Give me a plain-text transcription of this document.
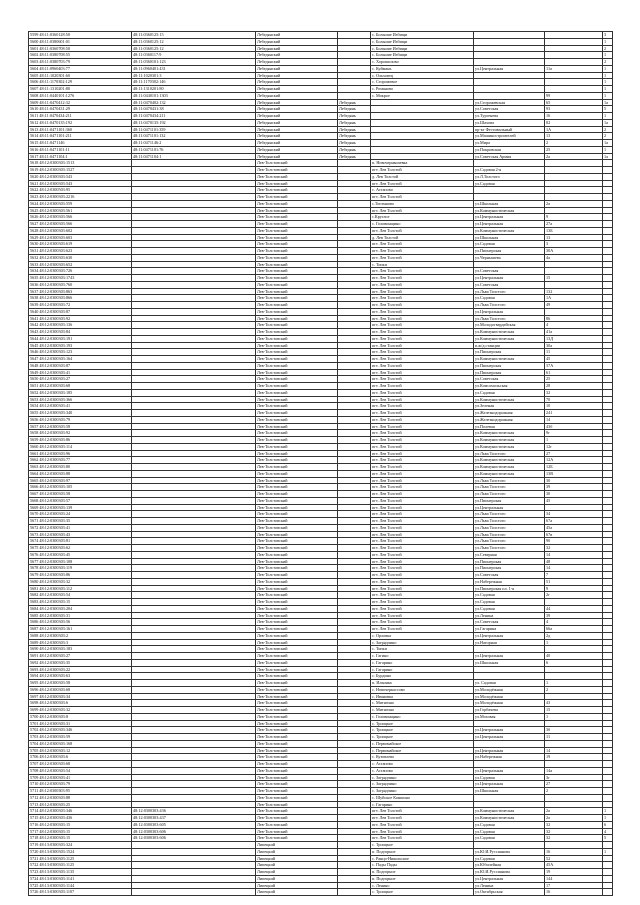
5599 48:11:0360128:50	48:11:0360125:15	Лебедянский		с. Большие Избищи			3
5600 48:11:0380601:01	48:11:0360125:12	Лебедянский		с. Большие Избищи			1
5601 48:11:0360708:50	48:11:0360125:12	Лебедянский		с. Большие Избищи			2
5602 48:11:0380708:55	48:11:0360117:9	Лебедянский		с. Большие Избищи			1
5603 48:11:0380703:79	48:11:0360101:123	Лебедянский		с. Хорошилово			2
5604 48:11:0960403:77	48:11:0960401:431	Лебедянский		с. Куймань	ул.Центральная	11а	1
5605 48:11:1020301:60	48:11:1020301:3	Лебедянский		с. Ольховец			1
5606 48:11:1170302:129	48:11:1170302:146	Лебедянский		с. Сторожевое			1
5607 48:11:1310201:80	48:11:1310201:80	Лебедянский		с. Романово			1
5608 48:11:0440101:1276	48:11:0440101:1303	Лебедянский		с. Мокрое		99	1
5609 48:11:0470412:32	48:11:0470402:132	Лебедянский	Лебедянь		ул.Сторожевская	65	1а
5610 48:11:0470431:29	48:11:0470431:38	Лебедянский	Лебедянь		ул.Советская	93	5
5611 48:11:0470434:211	48:11:0470434:211	Лебедянский	Лебедянь		ул.Тургенева	16	1
5612 48:11:0470135:192	48:11:0470135:192	Лебедянский	Лебедянь		ул.Шахова	82	1а
5613 48:11:0471101:360	48:11:0471101:359	Лебедянский	Лебедянь		пр-кт Фестивальный	1А	2
5614 48:11:0471101:211	48:11:0471101:132	Лебедянский	Лебедянь		ул.Машиностроителей	13	2
5615 48:11:0471146	48:11:0471146:2	Лебедянский	Лебедянь		ул.Мира	2	1а
5616 48:11:0471101:11	48:11:0471101:76	Лебедянский	Лебедянь		ул.Покровская	25	1
5617 48:11:0471104:1	48:11:0471104:1	Лебедянский	Лебедянь		ул.Советская Армия	2а	1а
5618 48:12:0300303:1513		Лев-Толстовский		п. Новочернышевка			
5619 48:12:0300303:1527		Лев-Толстовский		пгт. Лев Толстой	ул.Садовая 2-я		
5620 48:12:0300303:543		Лев-Толстовский		д. Лев Толстой	ул.Л.Толстого		
5621 48:12:0300303:543		Лев-Толстовский		пгт. Лев Толстой	ул.Садовая		
5622 48:12:0300503:95		Лев-Толстовский		с. Астапово			
5623 48:12:0300303:2216		Лев-Толстовский		пгт. Лев Толстой			
5624 48:12:0300303:559		Лев-Толстовский		с.Топтыково	ул.Школьная	2а	
5625 48:12:0300303:561		Лев-Толстовский		пгт. Лев Толстой	ул.Коммунистическая		
5626 48:12:0300303:566		Лев-Толстовский		с.Круглое	ул.Центральная	9	
5627 48:12:0300303:566		Лев-Толстовский		с. Головинщино	ул.Центральная	27а	
5628 48:12:0300303:602		Лев-Толстовский		пгт. Лев Толстой	ул.Коммунистическая	13Б	
5629 48:12:0300303:603		Лев-Толстовский		д. Лев Толстой	ул.Школьная	13	
5630 48:12:0300303:619		Лев-Толстовский		пгт. Лев Толстой	ул.Садовая	3	
5631 48:12:0300303:623		Лев-Толстовский		пгт. Лев Толстой	ул.Пионерская	30А	
5632 48:12:0300303:630		Лев-Толстовский		пгт. Лев Толстой	ул.Чернышева	4а	
5633 48:12:0300303:652		Лев-Толстовский		с. Топки			
5634 48:12:0300303:726		Лев-Толстовский		пгт. Лев Толстой	ул.Советская		
5635 48:12:0300303:1743		Лев-Толстовский		пгт. Лев Толстой	ул.Центральная	15	
5636 48:12:0300303:760		Лев-Толстовский		пгт. Лев Толстой	ул.Советская		
5637 48:12:0300303:863		Лев-Толстовский		пгт. Лев Толстой	ул.Льва Толстого	132	
5638 48:12:0300303:866		Лев-Толстовский		пгт. Лев Толстой	ул.Садовая	1А	
5639 48:12:0300303:72		Лев-Толстовский		пгт. Лев Толстой	ул.Льва Толстого	49	
5640 48:12:0300303:87		Лев-Толстовский		пгт. Лев Толстой	ул.Центральная		
5641 48:12:0300303:92		Лев-Толстовский		пгт. Лев Толстой	ул.Льва Толстого	86	
5642 48:12:0300303:136		Лев-Толстовский		пгт. Лев Толстой	ул.Молодогвардейская	4	
5643 48:12:0300303:84		Лев-Толстовский		пгт. Лев Толстой	ул.Коммунистическая	41а	
5644 48:12:0300303:191		Лев-Толстовский		пгт. Лев Толстой	ул.Коммунистическая	13Д	
5645 48:12:0300303:193		Лев-Толстовский		пгт. Лев Толстой	п.ж/д.станция	30а	
5646 48:12:0300303:123		Лев-Толстовский		пгт. Лев Толстой	ул.Пионерская	11	
5647 48:12:0300303:164		Лев-Толстовский		пгт. Лев Толстой	ул.Коммунистическая	45	
5648 48:12:0300303:87		Лев-Толстовский		пгт. Лев Толстой	ул.Пионерская	37А	
5649 48:12:0300303:41		Лев-Толстовский		пгт. Лев Толстой	ул.Пионерская	61	
5650 48:12:0300303:27		Лев-Толстовский		пгт. Лев Толстой	ул.Советская	25	
5651 48:12:0300303:68		Лев-Толстовский		пгт. Лев Толстой	ул.Комсомольская	28	
5652 48:12:0300303:185		Лев-Толстовский		пгт. Лев Толстой	ул.Садовая	32	
5653 48:12:0300303:366		Лев-Толстовский		пгт. Лев Толстой	ул.Коммунистическая	70	
5654 48:12:0300303:41		Лев-Толстовский		пгт. Лев Толстой	ул.Зеленая	10	
5655 48:12:0300303:340		Лев-Толстовский		пгт. Лев Толстой	ул.Железнодорожная	241	
5656 48:12:0300303:79		Лев-Толстовский		пгт. Лев Толстой	ул.Железнодорожная	14	
5657 48:12:0300303:58		Лев-Толстовский		пгт. Лев Толстой	ул.Полевая	43б	
5658 48:12:0300303:92		Лев-Толстовский		пгт. Лев Толстой	ул.Коммунистическая	9г	
5659 48:12:0300303:86		Лев-Толстовский		пгт. Лев Толстой	ул.Коммунистическая	1	
5660 48:12:0300303:114		Лев-Толстовский		пгт. Лев Толстой	ул.Коммунистическая	12г	
5661 48:12:0300303:96		Лев-Толстовский		пгт. Лев Толстой	ул.Льва Толстого	27	
5662 48:12:0300303:77		Лев-Толстовский		пгт. Лев Толстой	ул.Коммунистическая	12А	
5663 48:12:0300303:80		Лев-Толстовский		пгт. Лев Толстой	ул.Коммунистическая	12Б	
5664 48:12:0300303:88		Лев-Толстовский		пгт. Лев Толстой	ул.Коммунистическая	13В	
5665 48:12:0300303:97		Лев-Толстовский		пгт. Лев Толстой	ул.Льва Толстого	30	
5666 48:12:0300303:105		Лев-Толстовский		пгт. Лев Толстой	ул.Льва Толстого	39	
5667 48:12:0300303:58		Лев-Толстовский		пгт. Лев Толстой	ул.Льва Толстого	30	
5668 48:12:0300303:57		Лев-Толстовский		пгт. Лев Толстой	ул.Пионерская	45	
5669 48:12:0300303:139		Лев-Толстовский		пгт. Лев Толстой	ул.Центральная		
5670 48:12:0300303:24		Лев-Толстовский		пгт. Лев Толстой	ул.Льва Толстого	34	
5671 48:12:0300303:35		Лев-Толстовский		пгт. Лев Толстой	ул.Льва Толстого	67а	
5672 48:12:0300303:41		Лев-Толстовский		пгт. Лев Толстой	ул.Льва Толстого	45а	
5673 48:12:0300303:43		Лев-Толстовский		пгт. Лев Толстой	ул.Льва Толстого	67в	
5674 48:12:0300303:81		Лев-Толстовский		пгт. Лев Толстой	ул.Льва Толстого	90	
5675 48:12:0300303:62		Лев-Толстовский		пгт. Лев Толстой	ул.Льва Толстого	32	
5676 48:12:0300303:45		Лев-Толстовский		пгт. Лев Толстой	ул.Северная	14	
5677 48:12:0300303:108		Лев-Толстовский		пгт. Лев Толстой	ул.Пионерская	48	
5678 48:12:0300303:119		Лев-Толстовский		пгт. Лев Толстой	ул.Пионерская	14	
5679 48:12:0300303:86		Лев-Толстовский		пгт. Лев Толстой	ул.Советская	7	
5680 48:12:0300303:32		Лев-Толстовский		пгт. Лев Толстой	ул.Набережная	51	
5681 48:12:0300303:112		Лев-Толстовский		пгт. Лев Толстой	ул.Пионерская пл. 1-я	9	
5682 48:12:0300303:54		Лев-Толстовский		пгт. Лев Толстой	ул.Садовая	2г	
5683 48:12:0300303:15		Лев-Толстовский		пгт. Лев Толстой	ул.Садовая		
5684 48:12:0300303:204		Лев-Толстовский		пгт. Лев Толстой	ул.Садовая	44	
5685 48:12:0300303:31		Лев-Толстовский		пгт. Лев Толстой	ул.Ленина	39	
5686 48:12:0300303:56		Лев-Толстовский		пгт. Лев Толстой	ул.Советская	4	
5687 48:12:0300303:161		Лев-Толстовский		пгт. Лев Толстой	ул.Гагарина	66а	
5688 48:12:0300303:2		Лев-Толстовский		с. Орловка	ул.Центральная	2д	
5689 48:12:0300303:3		Лев-Толстовский		с. Загрядчино	ул.Нагорная	1	
5690 48:12:0300303:183		Лев-Толстовский		с. Топки			
5691 48:12:0300303:27		Лев-Толстовский		с. Гагино	ул.Центральная	40	
5692 48:12:0300303:35		Лев-Толстовский		с. Гагарино	ул.Школьная	6	
5693 48:12:0300303:22		Лев-Толстовский		с. Гагарино			
5694 48:12:0300303:63		Лев-Толстовский		с. Бурдино			
5695 48:12:0300303:58		Лев-Толстовский		п. Ильинка	ул. Садовая	1	
5696 48:12:0300303:68		Лев-Толстовский		с. Новочеркассово	ул.Молодёжная	2	
5697 48:12:0300303:34		Лев-Толстовский		с. Ивановка	ул.Молодёжная		
5698 48:12:0300303:6		Лев-Толстовский		с. Митягино	ул.Молодёжная	43	
5699 48:12:0300303:32		Лев-Толстовский		с. Митягино	ул.Горбачева	15	
5700 48:12:0300303:8		Лев-Толстовский		с. Головинщино	ул.Моховая	1	
5701 48:12:0300303:31		Лев-Толстовский		с. Троицкое			
5702 48:12:0300303:346		Лев-Толстовский		с. Троицкое	ул.Центральная	3б	
5703 48:12:0300303:59		Лев-Толстовский		с. Троицкое	ул.Центральная	11	
5704 48:12:0300303:168		Лев-Толстовский		с. Первомайское			
5705 48:12:0300303:12		Лев-Толстовский		с. Первомайское	ул.Центральная	14	
5706 48:12:0300303:6		Лев-Толстовский		с. Кузовлево	ул.Набережная	19	
5707 48:12:0300303:68		Лев-Толстовский		с. Астапово			
5708 48:12:0300303:54		Лев-Толстовский		с. Астапово	ул.Центральная	14а	
5709 48:12:0300303:41		Лев-Толстовский		с. Загрядчино	ул.Садовая	3г	
5710 48:12:0300303:79		Лев-Толстовский		с. Загрядчино	ул.Центральная	27	
5711 48:12:0300303:95		Лев-Толстовский		с. Загрядчино	ул.Школьная	2	
5712 48:12:0300303:88		Лев-Толстовский		с. Шуйское Коншино			
5713 48:12:0300303:25		Лев-Толстовский		с. Гагарино			
5714 48:12:0300303:346	48:12:0300303:436	Лев-Толстовский		пгт. Лев Толстой	ул.Коммунистическая	2а	1
5715 48:12:0300303:436	48:12:0300303:437	Лев-Толстовский		пгт. Лев Толстой	ул.Коммунистическая	2а	1
5716 48:12:0300303:15	48:12:0300303:605	Лев-Толстовский		пгт. Лев Толстой	ул.Садовая	32	6
5717 48:12:0300303:15	48:12:0300303:606	Лев-Толстовский		пгт. Лев Толстой	ул.Садовая	32	4
5718 48:12:0300303:15	48:12:0300303:606	Лев-Толстовский		пгт. Лев Толстой	ул.Садовая	32	5
5719 48:13:0300303:324		Липецкий		с. Троицкое			
5720 48:13:0300303:1524		Липецкий		п. Подгорное	ул.Ю.И.Руссиянова	16	1
5721 48:13:0300303:1125		Липецкий		с. Ранцо-Никольское	ул.Садовая	52	
5722 48:13:0300303:1125		Липецкий		с. Пады Пады	ул.Юбилейная	45А	
5723 48:13:0300303:1135		Липецкий		п. Подгорное	ул.Ю.И.Руссиянова	19	
5724 48:13:0300303:1141		Липецкий		п. Подгорное	ул.Центральная	144	
5725 48:13:0300303:1144		Липецкий		с. Ленино	ул.Ленина	17	
5726 48:13:0300303:1107		Липецкий		с. Троицкое	ул.Октябрьская	16	
